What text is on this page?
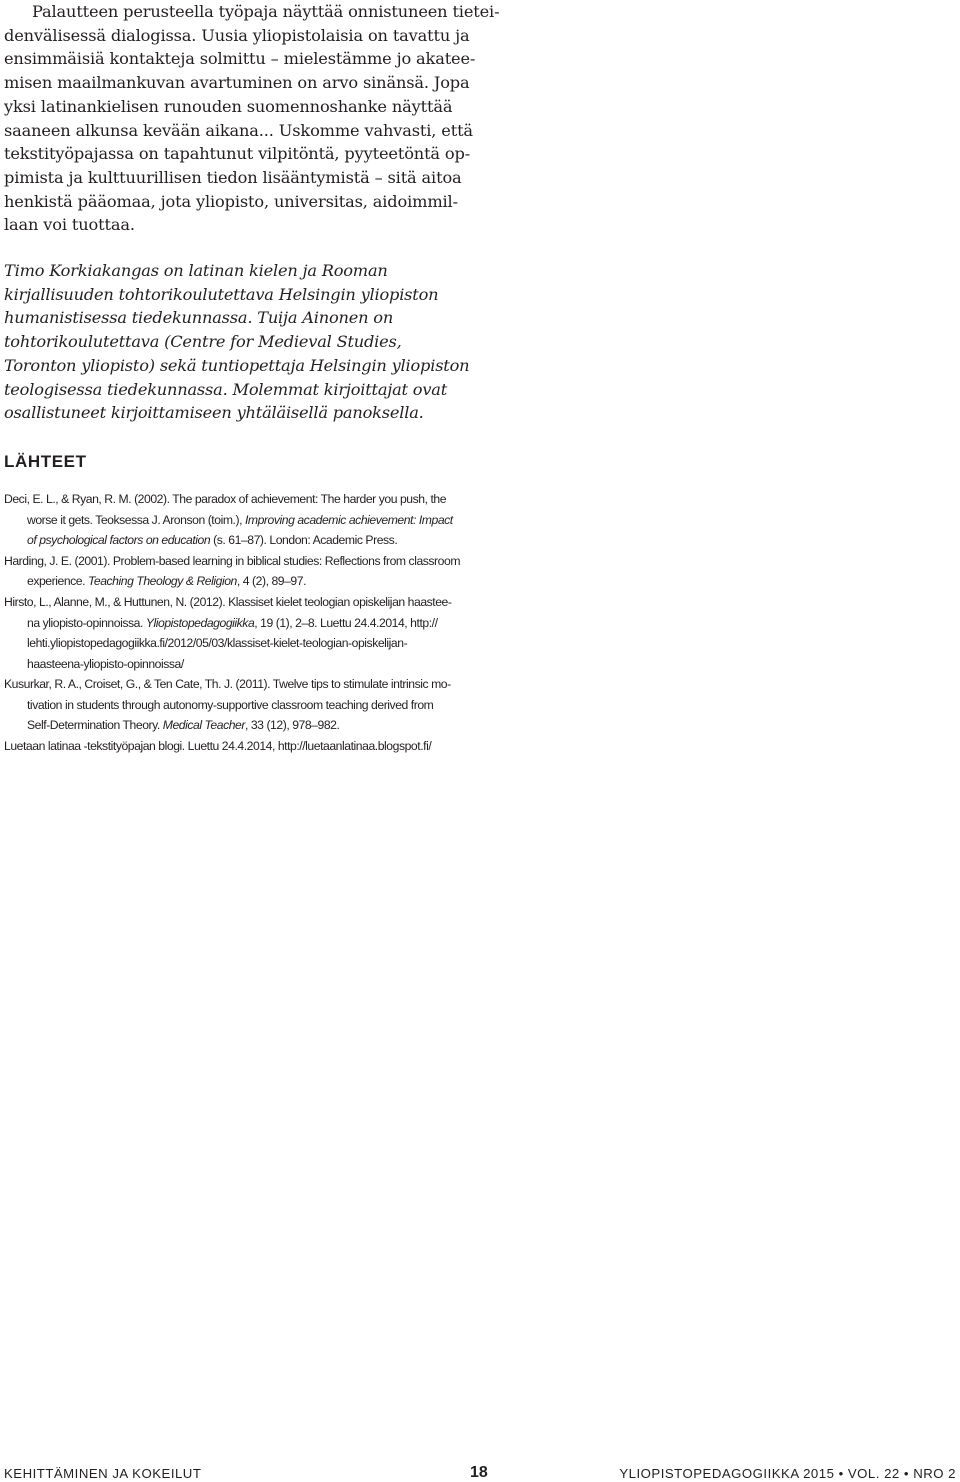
Palautteen perusteella työpaja näyttää onnistuneen tietei-
denvälisessä dialogissa. Uusia yliopistolaisia on tavattu ja
ensimmäisiä kontakteja solmittu – mielestämme jo akatee-
misen maailmankuvan avartuminen on arvo sinänsä. Jopa
yksi latinankielisen runouden suomennoshanke näyttää
saaneen alkunsa kevään aikana... Uskomme vahvasti, että
tekstityöpajassa on tapahtunut vilpitöntä, pyyteetöntä op-
pimista ja kulttuurillisen tiedon lisääntymistä – sitä aitoa
henkistä pääomaa, jota yliopisto, universitas, aidoimmil-
laan voi tuottaa.
Timo Korkiakangas on latinan kielen ja Rooman
kirjallisuuden tohtorikoulutettava Helsingin yliopiston
humanistisessa tiedekunnassa. Tuija Ainonen on
tohtorikoulutettava (Centre for Medieval Studies,
Toronton yliopisto) sekä tuntiopettaja Helsingin yliopiston
teologisessa tiedekunnassa. Molemmat kirjoittajat ovat
osallistuneet kirjoittamiseen yhtäläisellä panoksella.
LÄHTEET
Deci, E. L., & Ryan, R. M. (2002). The paradox of achievement: The harder you push, the
worse it gets. Teoksessa J. Aronson (toim.), Improving academic achievement: Impact
of psychological factors on education (s. 61–87). London: Academic Press.
Harding, J. E. (2001). Problem-based learning in biblical studies: Reflections from classroom
experience. Teaching Theology & Religion, 4 (2), 89–97.
Hirsto, L., Alanne, M., & Huttunen, N. (2012). Klassiset kielet teologian opiskelijan haastee-
na yliopisto-opinnoissa. Yliopistopedagogiikka, 19 (1), 2–8. Luettu 24.4.2014, http://
lehti.yliopistopedagogiikka.fi/2012/05/03/klassiset-kielet-teologian-opiskelijan-
haasteena-yliopisto-opinnoissa/
Kusurkar, R. A., Croiset, G., & Ten Cate, Th. J. (2011). Twelve tips to stimulate intrinsic mo-
tivation in students through autonomy-supportive classroom teaching derived from
Self-Determination Theory. Medical Teacher, 33 (12), 978–982.
Luetaan latinaa -tekstityöpajan blogi. Luettu 24.4.2014, http://luetaanlatinaa.blogspot.fi/
KEHITTÄMINEN JA KOKEILUT	18	YLIOPISTOPEDAGOGIIKKA 2015 • VOL. 22 • NRO 2
